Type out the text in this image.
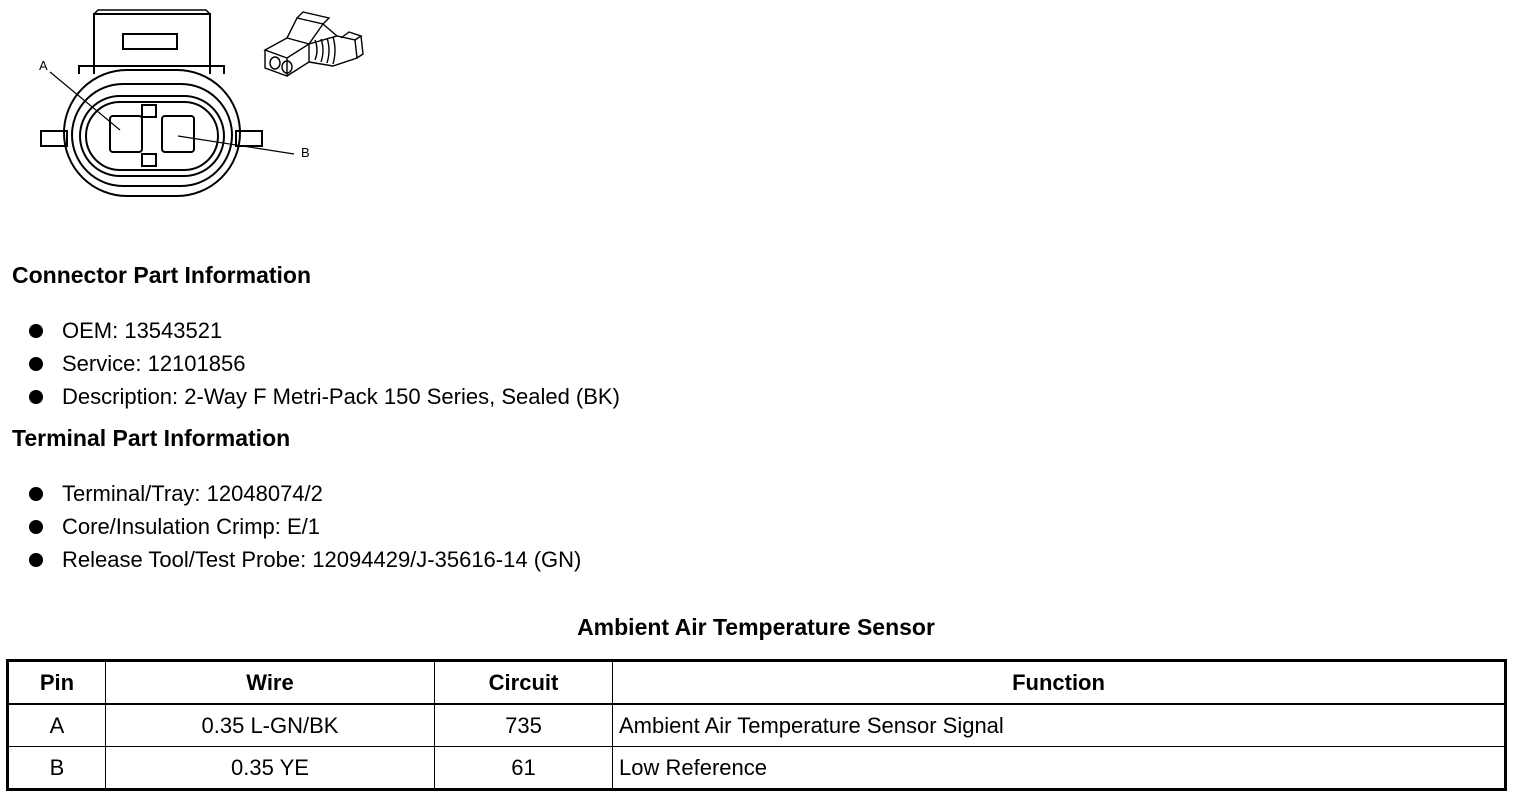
A
B
Connector Part Information
OEM: 13543521
Service: 12101856
Description: 2-Way F Metri-Pack 150 Series, Sealed (BK)
Terminal Part Information
Terminal/Tray: 12048074/2
Core/Insulation Crimp: E/1
Release Tool/Test Probe: 12094429/J-35616-14 (GN)
Ambient Air Temperature Sensor
Pin	Wire	Circuit	Function
A	0.35 L-GN/BK	735	Ambient Air Temperature Sensor Signal
B	0.35 YE	61	Low Reference
